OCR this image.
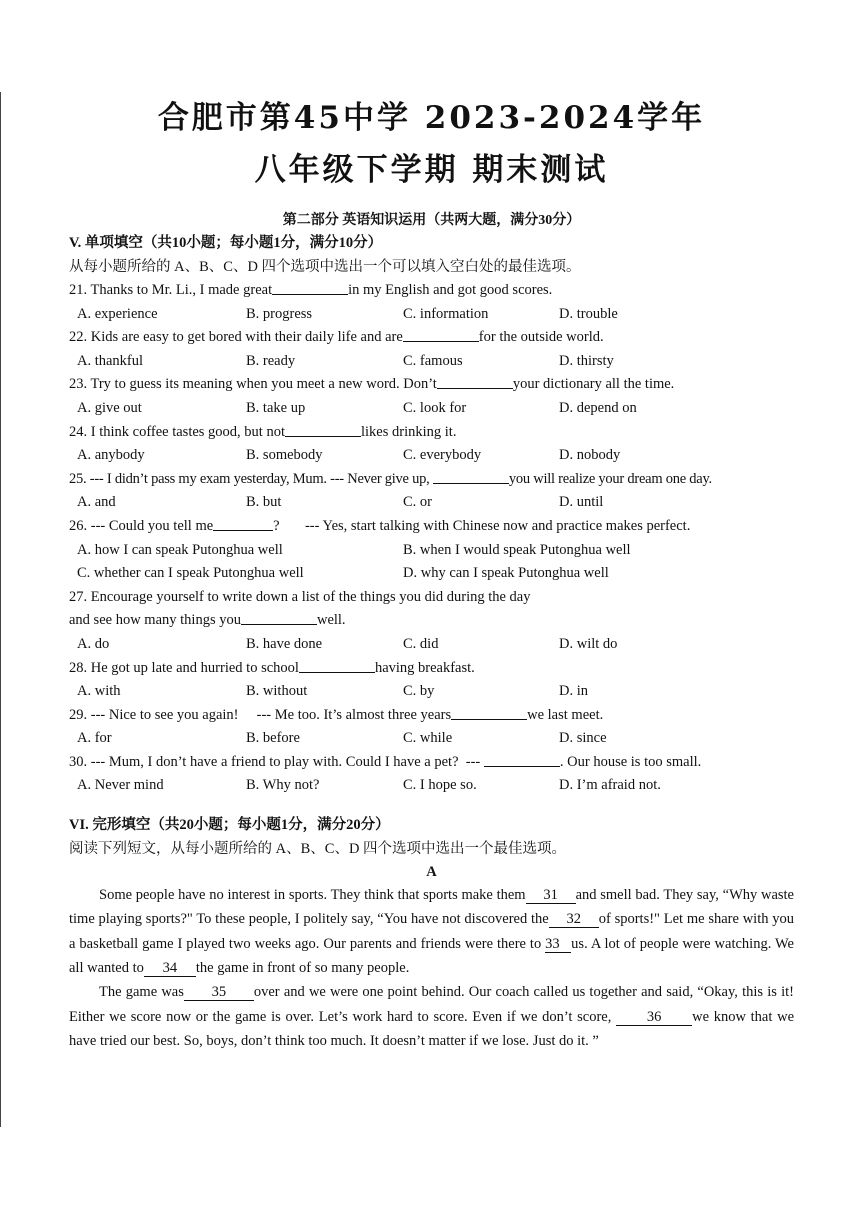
合肥市第45中学 2023-2024学年
八年级下学期 期末测试
第二部分 英语知识运用（共两大题，满分30分）
V. 单项填空（共10小题；每小题1分，满分10分）
从每小题所给的 A、B、C、D 四个选项中选出一个可以填入空白处的最佳选项。
21. Thanks to Mr. Li., I made great	in my English and got good scores.
A. experience	B. progress	C. information	D. trouble
22. Kids are easy to get bored with their daily life and are	for the outside world.
A. thankful	B. ready	C. famous	D. thirsty
23. Try to guess its meaning when you meet a new word. Don’t	your dictionary all the time.
A. give out	B. take up	C. look for	D. depend on
24. I think coffee tastes good, but not	likes drinking it.
A. anybody	B. somebody	C. everybody	D. nobody
25. --- I didn’t pass my exam yesterday, Mum. --- Never give up,	you will realize your dream one day.
A. and	B. but	C. or	D. until
26. --- Could you tell me	?       --- Yes, start talking with Chinese now and practice makes perfect.
A. how I can speak Putonghua well	B. when I would speak Putonghua well
C. whether can I speak Putonghua well	D. why can I speak Putonghua well
27. Encourage yourself to write down a list of the things you did during the day
and see how many things you	well.
A. do	B. have done	C. did	D. wilt do
28. He got up late and hurried to school	having breakfast.
A. with	B. without	C. by	D. in
29. --- Nice to see you again!     --- Me too. It’s almost three years	we last meet.
A. for	B. before	C. while	D. since
30. --- Mum, I don’t have a friend to play with. Could I have a pet?  ---	. Our house is too small.
A. Never mind	B. Why not?	C. I hope so.	D. I’m afraid not.
VI. 完形填空（共20小题；每小题1分，满分20分）
阅读下列短文，从每小题所给的 A、B、C、D 四个选项中选出一个最佳选项。
A

Some people have no interest in sports. They think that sports make them 31 and smell bad. They say, “Why waste time playing sports?" To these people, I politely say, “You have not discovered the 32 of sports!" Let me share with you a basketball game I played two weeks ago. Our parents and friends were there to 33 us. A lot of people were watching. We all wanted to 34 the game in front of so many people.

The game was 35 over and we were one point behind. Our coach called us together and said, “Okay, this is it! Either we score now or the game is over. Let’s work hard to score. Even if we don’t score, 36 we know that we have tried our best. So, boys, don’t think too much. It doesn’t matter if we lose. Just do it. ”
